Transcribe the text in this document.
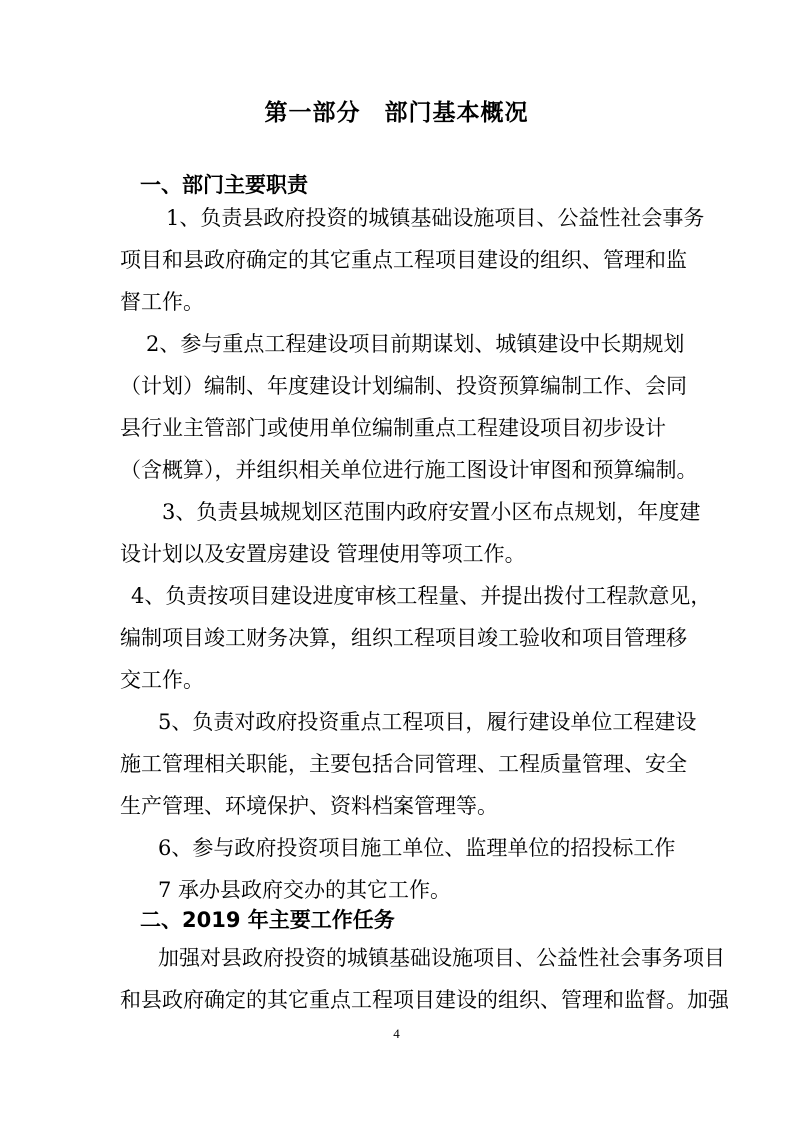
第一部分　部门基本概况
一、部门主要职责
1、负责县政府投资的城镇基础设施项目、公益性社会事务
项目和县政府确定的其它重点工程项目建设的组织、管理和监
督工作。
2、参与重点工程建设项目前期谋划、城镇建设中长期规划
（计划）编制、年度建设计划编制、投资预算编制工作、会同
县行业主管部门或使用单位编制重点工程建设项目初步设计
（含概算），并组织相关单位进行施工图设计审图和预算编制。
3、负责县城规划区范围内政府安置小区布点规划，年度建
设计划以及安置房建设 管理使用等项工作。
4、负责按项目建设进度审核工程量、并提出拨付工程款意见，
编制项目竣工财务决算，组织工程项目竣工验收和项目管理移
交工作。
5、负责对政府投资重点工程项目，履行建设单位工程建设
施工管理相关职能，主要包括合同管理、工程质量管理、安全
生产管理、环境保护、资料档案管理等。
6、参与政府投资项目施工单位、监理单位的招投标工作
7 承办县政府交办的其它工作。
二、2019 年主要工作任务
加强对县政府投资的城镇基础设施项目、公益性社会事务项目
和县政府确定的其它重点工程项目建设的组织、管理和监督。加强
4
